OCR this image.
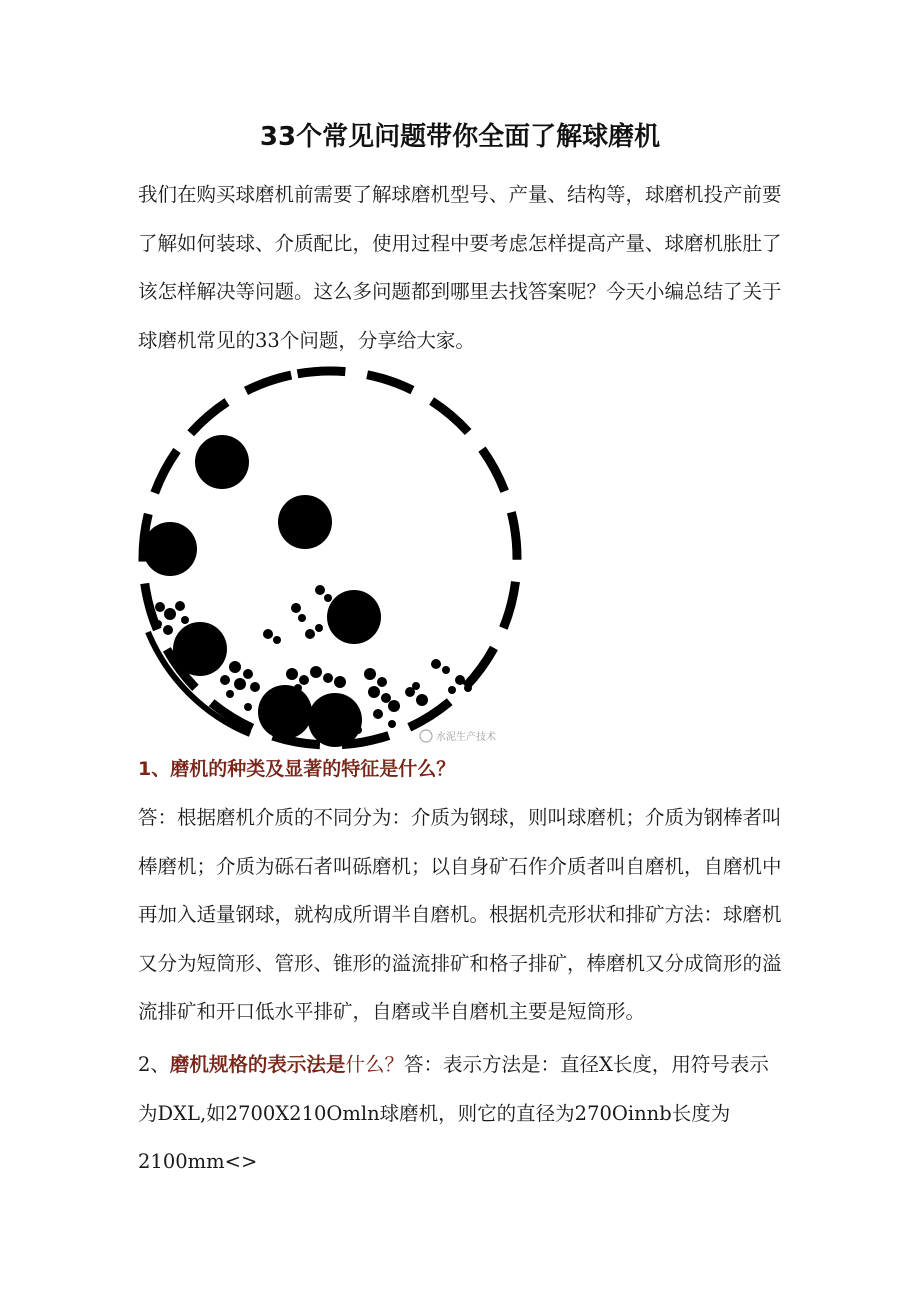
33个常见问题带你全面了解球磨机

我们在购买球磨机前需要了解球磨机型号、产量、结构等，球磨机投产前要了解如何装球、介质配比，使用过程中要考虑怎样提高产量、球磨机胀肚了该怎样解决等问题。这么多问题都到哪里去找答案呢？今天小编总结了关于球磨机常见的33个问题，分享给大家。

水泥生产技术

1、磨机的种类及显著的特征是什么？

答：根据磨机介质的不同分为：介质为钢球，则叫球磨机；介质为钢棒者叫棒磨机；介质为砾石者叫砾磨机；以自身矿石作介质者叫自磨机，自磨机中再加入适量钢球，就构成所谓半自磨机。根据机壳形状和排矿方法：球磨机又分为短筒形、管形、锥形的溢流排矿和格子排矿，棒磨机又分成筒形的溢流排矿和开口低水平排矿，自磨或半自磨机主要是短筒形。

2、磨机规格的表示法是什么？答：表示方法是：直径X长度，用符号表示为DXL,如2700X210Omln球磨机，则它的直径为270Oinnb长度为2100mm<>
